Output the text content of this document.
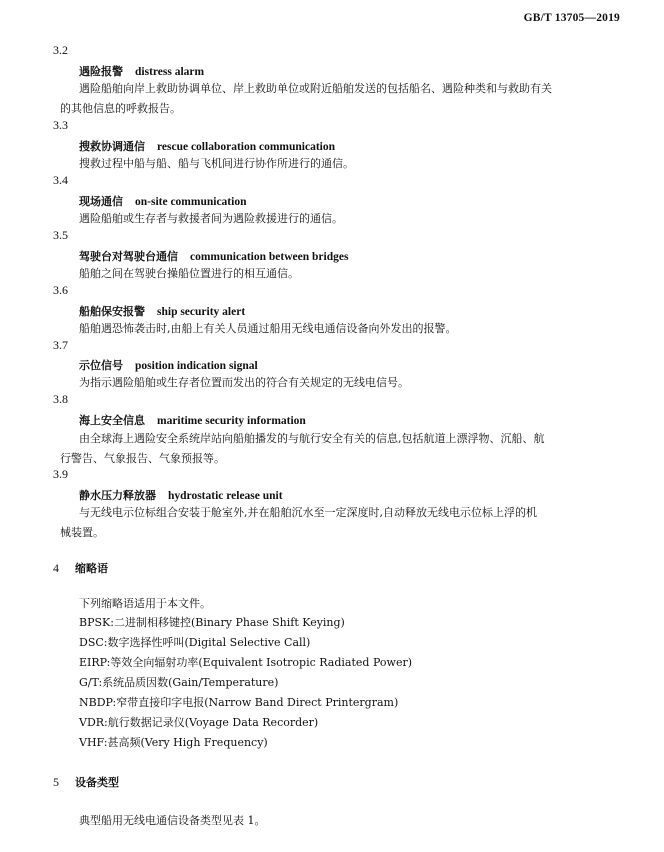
GB/T 13705—2019
3.2
遇险报警 distress alarm
遇险船舶向岸上救助协调单位、岸上救助单位或附近船舶发送的包括船名、遇险种类和与救助有关
的其他信息的呼救报告。
3.3
搜救协调通信 rescue collaboration communication
搜救过程中船与船、船与飞机间进行协作所进行的通信。
3.4
现场通信 on-site communication
遇险船舶或生存者与救援者间为遇险救援进行的通信。
3.5
驾驶台对驾驶台通信 communication between bridges
船舶之间在驾驶台操船位置进行的相互通信。
3.6
船舶保安报警 ship security alert
船舶遇恐怖袭击时,由船上有关人员通过船用无线电通信设备向外发出的报警。
3.7
示位信号 position indication signal
为指示遇险船舶或生存者位置而发出的符合有关规定的无线电信号。
3.8
海上安全信息 maritime security information
由全球海上遇险安全系统岸站向船舶播发的与航行安全有关的信息,包括航道上漂浮物、沉船、航
行警告、气象报告、气象预报等。
3.9
静水压力释放器 hydrostatic release unit
与无线电示位标组合安装于舱室外,并在船舶沉水至一定深度时,自动释放无线电示位标上浮的机
械装置。
4 缩略语
下列缩略语适用于本文件。
BPSK:二进制相移键控(Binary Phase Shift Keying)
DSC:数字选择性呼叫(Digital Selective Call)
EIRP:等效全向辐射功率(Equivalent Isotropic Radiated Power)
G/T:系统品质因数(Gain/Temperature)
NBDP:窄带直接印字电报(Narrow Band Direct Printergram)
VDR:航行数据记录仪(Voyage Data Recorder)
VHF:甚高频(Very High Frequency)
5 设备类型
典型船用无线电通信设备类型见表 1。
